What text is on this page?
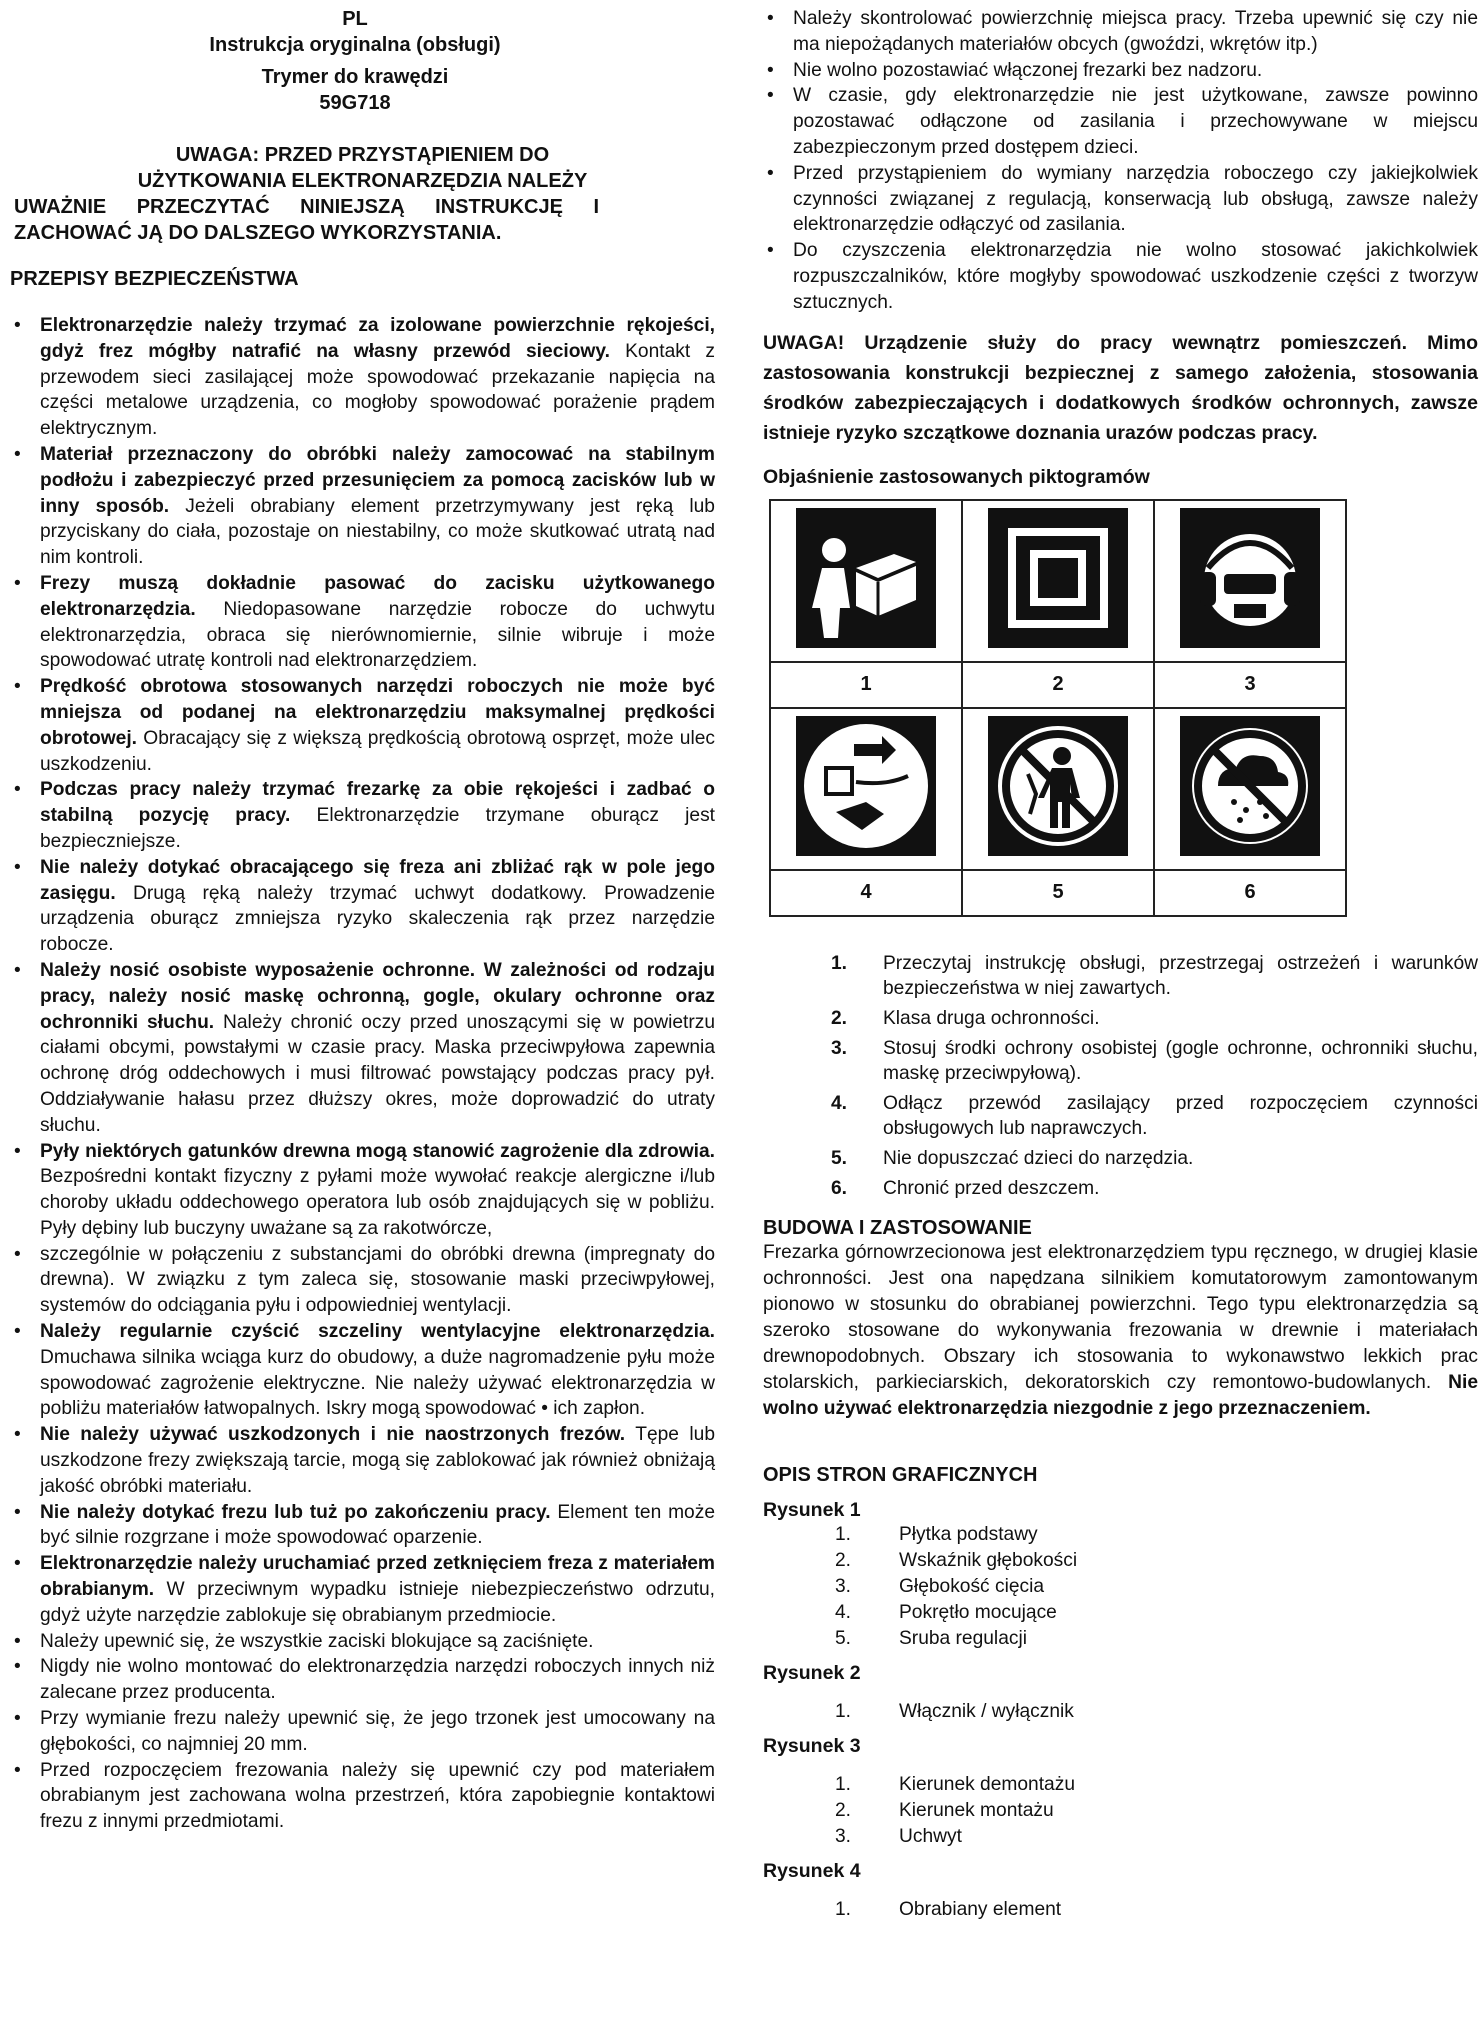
PL
Instrukcja oryginalna (obsługi)
Trymer do krawędzi
59G718
UWAGA: PRZED PRZYSTĄPIENIEM DO
UŻYTKOWANIA ELEKTRONARZĘDZIA NALEŻY
UWAŻNIE PRZECZYTAĆ NINIEJSZĄ INSTRUKCJĘ I
ZACHOWAĆ JĄ DO DALSZEGO WYKORZYSTANIA.
PRZEPISY BEZPIECZEŃSTWA
• Elektronarzędzie należy trzymać za izolowane powierzchnie rękojeści, gdyż frez mógłby natrafić na własny przewód sieciowy. Kontakt z przewodem sieci zasilającej może spowodować przekazanie napięcia na części metalowe urządzenia, co mogłoby spowodować porażenie prądem elektrycznym.
• Materiał przeznaczony do obróbki należy zamocować na stabilnym podłożu i zabezpieczyć przed przesunięciem za pomocą zacisków lub w inny sposób. Jeżeli obrabiany element przetrzymywany jest ręką lub przyciskany do ciała, pozostaje on niestabilny, co może skutkować utratą nad nim kontroli.
• Frezy muszą dokładnie pasować do zacisku użytkowanego elektronarzędzia. Niedopasowane narzędzie robocze do uchwytu elektronarzędzia, obraca się nierównomiernie, silnie wibruje i może spowodować utratę kontroli nad elektronarzędziem.
• Prędkość obrotowa stosowanych narzędzi roboczych nie może być mniejsza od podanej na elektronarzędziu maksymalnej prędkości obrotowej. Obracający się z większą prędkością obrotową osprzęt, może ulec uszkodzeniu.
• Podczas pracy należy trzymać frezarkę za obie rękojeści i zadbać o stabilną pozycję pracy. Elektronarzędzie trzymane oburącz jest bezpieczniejsze.
• Nie należy dotykać obracającego się freza ani zbliżać rąk w pole jego zasięgu. Drugą ręką należy trzymać uchwyt dodatkowy. Prowadzenie urządzenia oburącz zmniejsza ryzyko skaleczenia rąk przez narzędzie robocze.
• Należy nosić osobiste wyposażenie ochronne. W zależności od rodzaju pracy, należy nosić maskę ochronną, gogle, okulary ochronne oraz ochronniki słuchu. Należy chronić oczy przed unoszącymi się w powietrzu ciałami obcymi, powstałymi w czasie pracy. Maska przeciwpyłowa zapewnia ochronę dróg oddechowych i musi filtrować powstający podczas pracy pył. Oddziaływanie hałasu przez dłuższy okres, może doprowadzić do utraty słuchu.
• Pyły niektórych gatunków drewna mogą stanowić zagrożenie dla zdrowia. Bezpośredni kontakt fizyczny z pyłami może wywołać reakcje alergiczne i/lub choroby układu oddechowego operatora lub osób znajdujących się w pobliżu. Pyły dębiny lub buczyny uważane są za rakotwórcze,
• szczególnie w połączeniu z substancjami do obróbki drewna (impregnaty do drewna). W związku z tym zaleca się, stosowanie maski przeciwpyłowej, systemów do odciągania pyłu i odpowiedniej wentylacji.
• Należy regularnie czyścić szczeliny wentylacyjne elektronarzędzia. Dmuchawa silnika wciąga kurz do obudowy, a duże nagromadzenie pyłu może spowodować zagrożenie elektryczne. Nie należy używać elektronarzędzia w pobliżu materiałów łatwopalnych. Iskry mogą spowodować • ich zapłon.
• Nie należy używać uszkodzonych i nie naostrzonych frezów. Tępe lub uszkodzone frezy zwiększają tarcie, mogą się zablokować jak również obniżają jakość obróbki materiału.
• Nie należy dotykać frezu lub tuż po zakończeniu pracy. Element ten może być silnie rozgrzane i może spowodować oparzenie.
• Elektronarzędzie należy uruchamiać przed zetknięciem freza z materiałem obrabianym. W przeciwnym wypadku istnieje niebezpieczeństwo odrzutu, gdyż użyte narzędzie zablokuje się obrabianym przedmiocie.
• Należy upewnić się, że wszystkie zaciski blokujące są zaciśnięte.
• Nigdy nie wolno montować do elektronarzędzia narzędzi roboczych innych niż zalecane przez producenta.
• Przy wymianie frezu należy upewnić się, że jego trzonek jest umocowany na głębokości, co najmniej 20 mm.
• Przed rozpoczęciem frezowania należy się upewnić czy pod materiałem obrabianym jest zachowana wolna przestrzeń, która zapobiegnie kontaktowi frezu z innymi przedmiotami.
• Należy skontrolować powierzchnię miejsca pracy. Trzeba upewnić się czy nie ma niepożądanych materiałów obcych (gwoździ, wkrętów itp.)
• Nie wolno pozostawiać włączonej frezarki bez nadzoru.
• W czasie, gdy elektronarzędzie nie jest użytkowane, zawsze powinno pozostawać odłączone od zasilania i przechowywane w miejscu zabezpieczonym przed dostępem dzieci.
• Przed przystąpieniem do wymiany narzędzia roboczego czy jakiejkolwiek czynności związanej z regulacją, konserwacją lub obsługą, zawsze należy elektronarzędzie odłączyć od zasilania.
• Do czyszczenia elektronarzędzia nie wolno stosować jakichkolwiek rozpuszczalników, które mogłyby spowodować uszkodzenie części z tworzyw sztucznych.
UWAGA! Urządzenie służy do pracy wewnątrz pomieszczeń. Mimo zastosowania konstrukcji bezpiecznej z samego założenia, stosowania środków zabezpieczających i dodatkowych środków ochronnych, zawsze istnieje ryzyko szczątkowe doznania urazów podczas pracy.
Objaśnienie zastosowanych piktogramów

1	2	3

4	5	6
1.	Przeczytaj instrukcję obsługi, przestrzegaj ostrzeżeń i warunków bezpieczeństwa w niej zawartych.
2.	Klasa druga ochronności.
3.	Stosuj środki ochrony osobistej (gogle ochronne, ochronniki słuchu, maskę przeciwpyłową).
4.	Odłącz przewód zasilający przed rozpoczęciem czynności obsługowych lub naprawczych.
5.	Nie dopuszczać dzieci do narzędzia.
6.	Chronić przed deszczem.
BUDOWA I ZASTOSOWANIE
Frezarka górnowrzecionowa jest elektronarzędziem typu ręcznego, w drugiej klasie ochronności. Jest ona napędzana silnikiem komutatorowym zamontowanym pionowo w stosunku do obrabianej powierzchni. Tego typu elektronarzędzia są szeroko stosowane do wykonywania frezowania w drewnie i materiałach drewnopodobnych. Obszary ich stosowania to wykonawstwo lekkich prac stolarskich, parkieciarskich, dekoratorskich czy remontowo-budowlanych. Nie wolno używać elektronarzędzia niezgodnie z jego przeznaczeniem.
OPIS STRON GRAFICZNYCH
Rysunek 1
1.	Płytka podstawy
2.	Wskaźnik głębokości
3.	Głębokość cięcia
4.	Pokrętło mocujące
5.	Sruba regulacji
Rysunek 2
1.	Włącznik / wyłącznik
Rysunek 3
1.	Kierunek demontażu
2.	Kierunek montażu
3.	Uchwyt
Rysunek 4
1.	Obrabiany element
